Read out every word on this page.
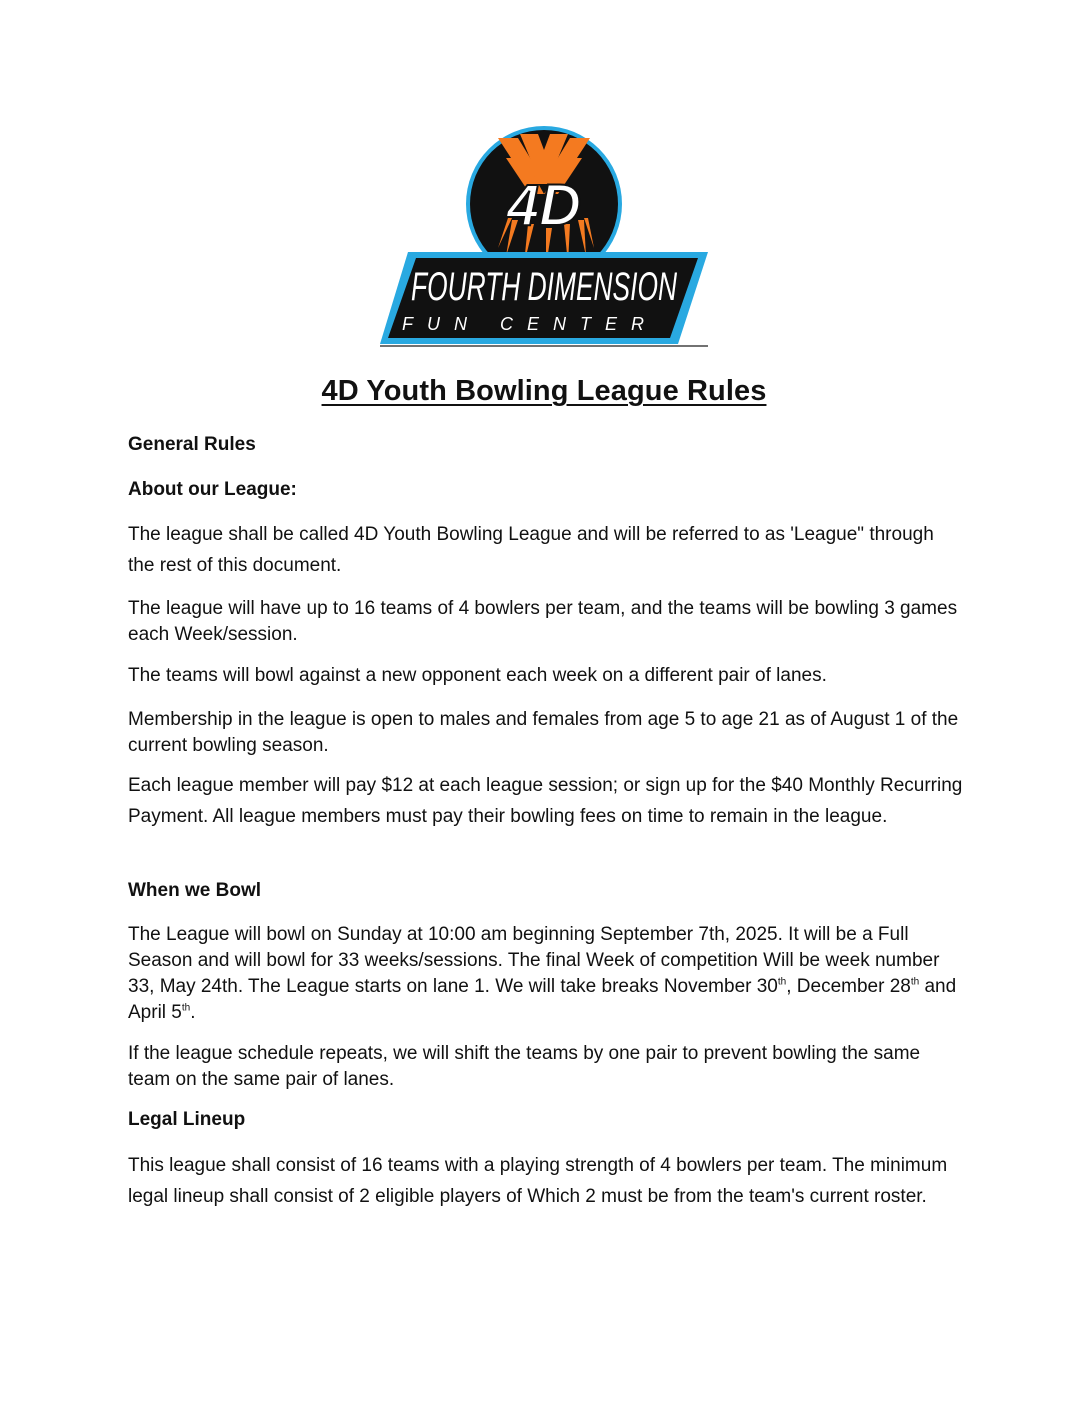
4D
FOURTH DIMENSION
FUN CENTER
4D Youth Bowling League Rules

General Rules

About our League:

The league shall be called 4D Youth Bowling League and will be referred to as 'League" through the rest of this document.

The league will have up to 16 teams of 4 bowlers per team, and the teams will be bowling 3 games each Week/session.

The teams will bowl against a new opponent each week on a different pair of lanes.

Membership in the league is open to males and females from age 5 to age 21 as of August 1 of the current bowling season.

Each league member will pay $12 at each league session; or sign up for the $40 Monthly Recurring Payment. All league members must pay their bowling fees on time to remain in the league.

When we Bowl

The League will bowl on Sunday at 10:00 am beginning September 7th, 2025. It will be a Full Season and will bowl for 33 weeks/sessions. The final Week of competition Will be week number 33, May 24th. The League starts on lane 1. We will take breaks November 30th, December 28th and April 5th.

If the league schedule repeats, we will shift the teams by one pair to prevent bowling the same team on the same pair of lanes.

Legal Lineup

This league shall consist of 16 teams with a playing strength of 4 bowlers per team. The minimum legal lineup shall consist of 2 eligible players of Which 2 must be from the team's current roster.
